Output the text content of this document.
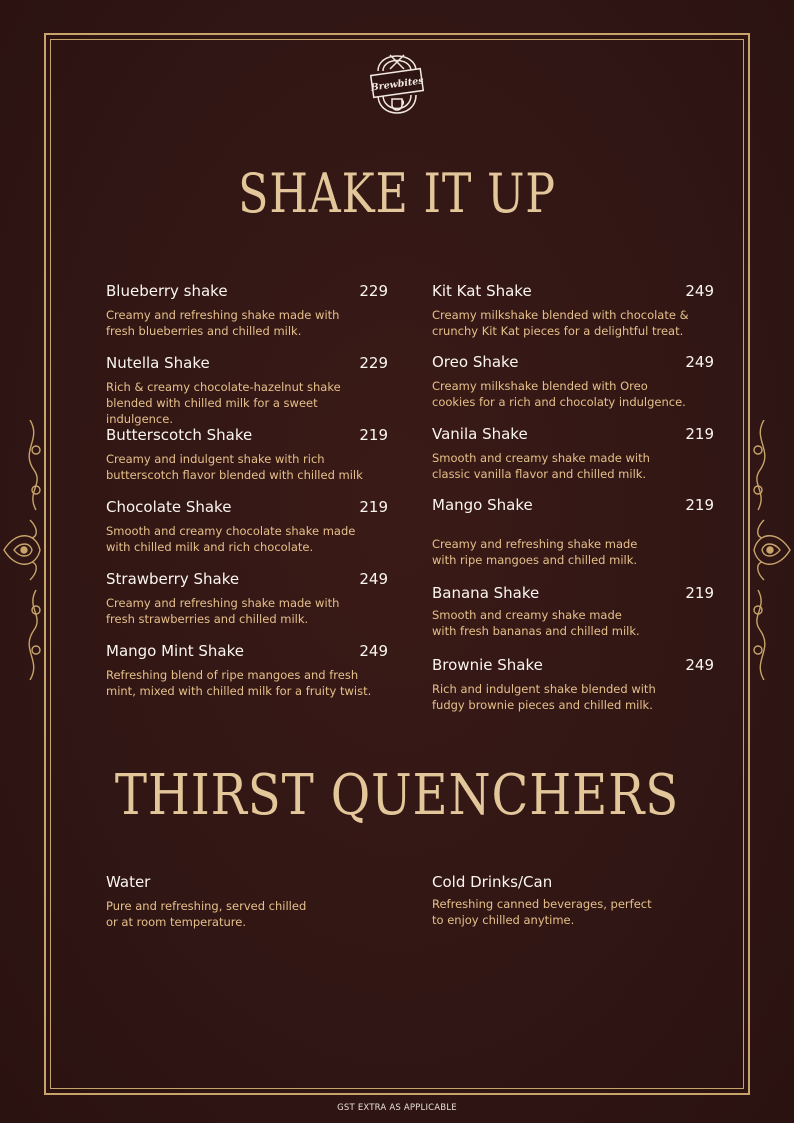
Brewbites
SHAKE IT UP
Blueberry shake	229
Creamy and refreshing shake made with
fresh blueberries and chilled milk.
Nutella Shake	229
Rich & creamy chocolate-hazelnut shake
blended with chilled milk for a sweet indulgence.
Butterscotch Shake	219
Creamy and indulgent shake with rich
butterscotch flavor blended with chilled milk
Chocolate Shake	219
Smooth and creamy chocolate shake made
with chilled milk and rich chocolate.
Strawberry Shake	249
Creamy and refreshing shake made with
fresh strawberries and chilled milk.
Mango Mint Shake	249
Refreshing blend of ripe mangoes and fresh
mint, mixed with chilled milk for a fruity twist.
Kit Kat Shake	249
Creamy milkshake blended with chocolate &
crunchy Kit Kat pieces for a delightful treat.
Oreo Shake	249
Creamy milkshake blended with Oreo
cookies for a rich and chocolaty indulgence.
Vanila Shake	219
Smooth and creamy shake made with
classic vanilla flavor and chilled milk.
Mango Shake	219
Creamy and refreshing shake made
with ripe mangoes and chilled milk.
Banana Shake	219
Smooth and creamy shake made
with fresh bananas and chilled milk.
Brownie Shake	249
Rich and indulgent shake blended with
fudgy brownie pieces and chilled milk.
THIRST QUENCHERS
Water
Pure and refreshing, served chilled
or at room temperature.
Cold Drinks/Can
Refreshing canned beverages, perfect
to enjoy chilled anytime.
GST EXTRA AS APPLICABLE
